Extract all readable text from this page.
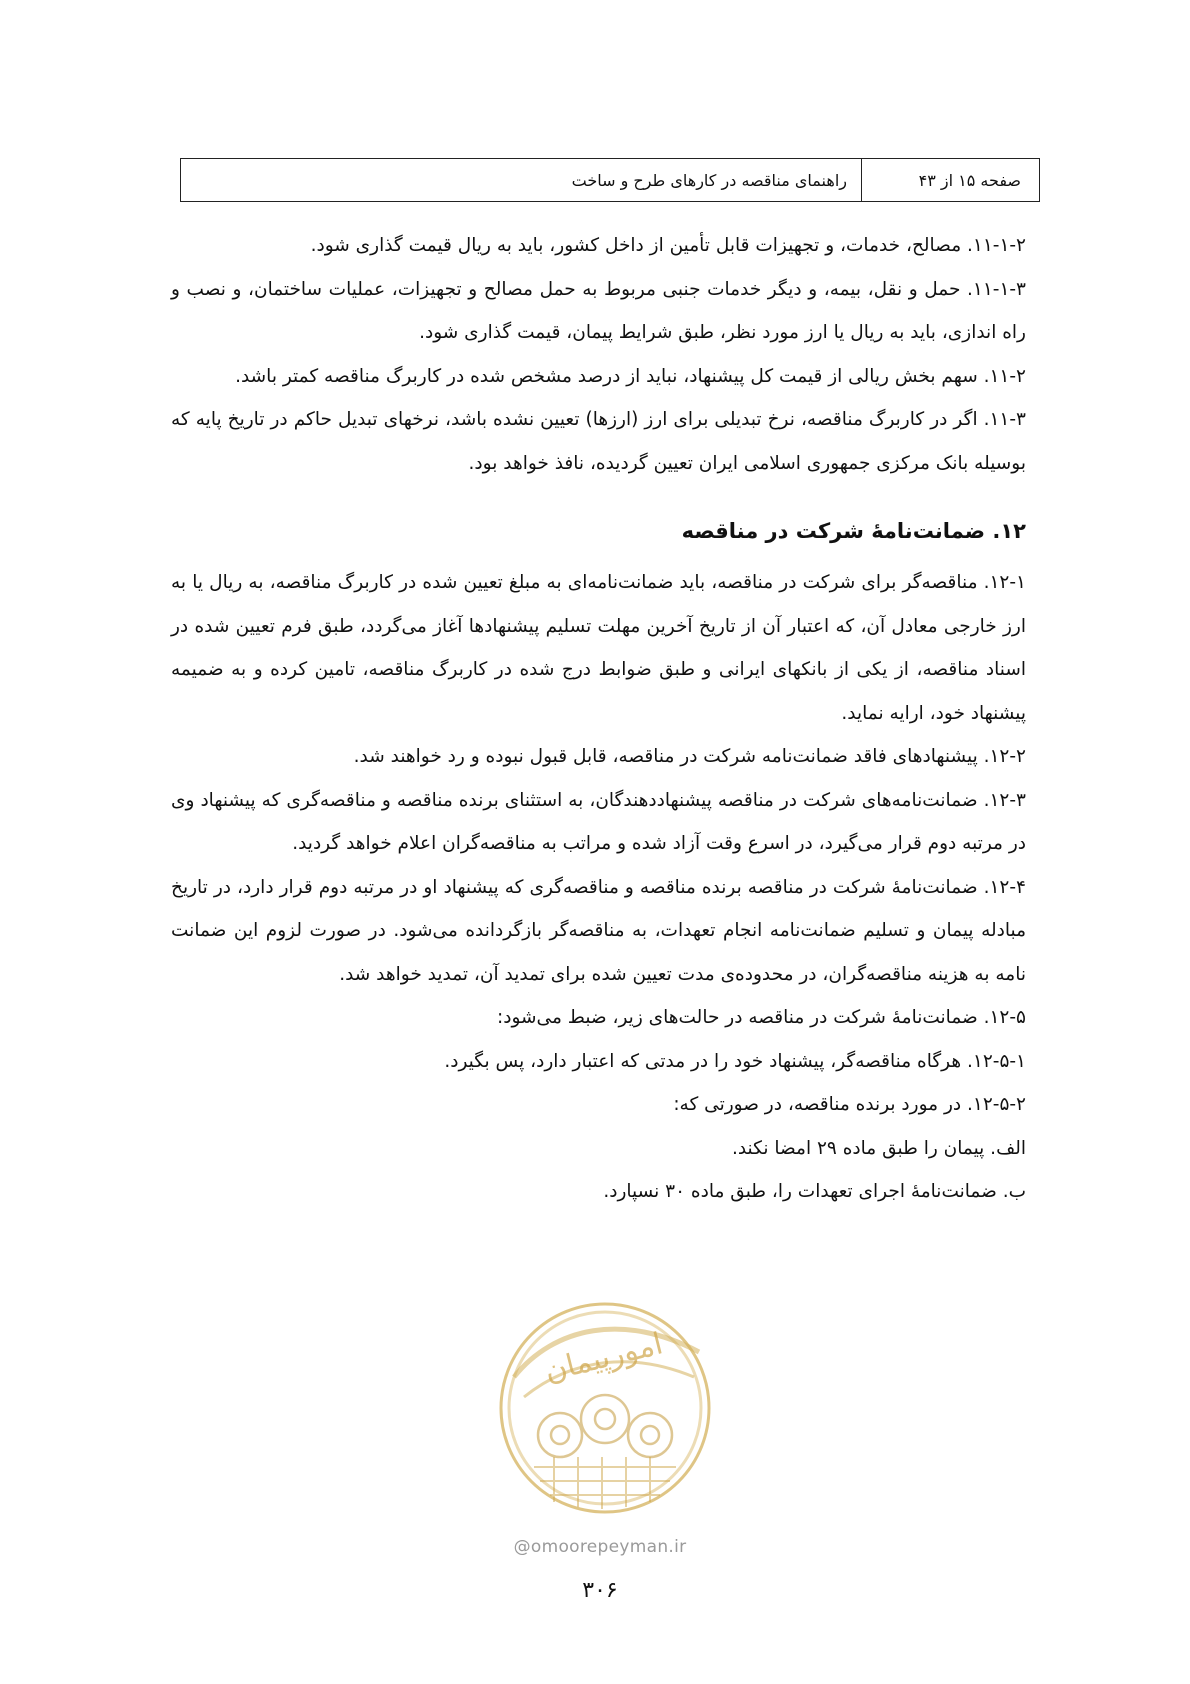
صفحه ۱۵ از ۴۳
راهنمای مناقصه در کارهای طرح و ساخت

۱۱-۱-۲. مصالح، خدمات، و تجهیزات قابل تأمین از داخل کشور، باید به ریال قیمت گذاری شود.

۱۱-۱-۳. حمل و نقل، بیمه، و دیگر خدمات جنبی مربوط به حمل مصالح و تجهیزات، عملیات ساختمان، و نصب و راه اندازی، باید به ریال یا ارز مورد نظر، طبق شرایط پیمان، قیمت گذاری شود.

۱۱-۲. سهم بخش ریالی از قیمت کل پیشنهاد، نباید از درصد مشخص شده در کاربرگ مناقصه کمتر باشد.

۱۱-۳. اگر در کاربرگ مناقصه، نرخ تبدیلی برای ارز (ارزها) تعیین نشده باشد، نرخهای تبدیل حاکم در تاریخ پایه که بوسیله بانک مرکزی جمهوری اسلامی ایران تعیین گردیده، نافذ خواهد بود.

۱۲. ضمانت‌نامۀ شرکت در مناقصه

۱۲-۱. مناقصه‌گر برای شرکت در مناقصه، باید ضمانت‌نامه‌ای به مبلغ تعیین شده در کاربرگ مناقصه، به ریال یا به ارز خارجی معادل آن، که اعتبار آن از تاریخ آخرین مهلت تسلیم پیشنهادها آغاز می‌گردد، طبق فرم تعیین شده در اسناد مناقصه، از یکی از بانکهای ایرانی و طبق ضوابط درج شده در کاربرگ مناقصه، تامین کرده و به ضمیمه پیشنهاد خود، ارایه نماید.

۱۲-۲. پیشنهادهای فاقد ضمانت‌نامه شرکت در مناقصه، قابل قبول نبوده و رد خواهند شد.

۱۲-۳. ضمانت‌نامه‌های شرکت در مناقصه پیشنهاددهندگان، به استثنای برنده مناقصه و مناقصه‌گری که پیشنهاد وی در مرتبه دوم قرار می‌گیرد، در اسرع وقت آزاد شده و مراتب به مناقصه‌گران اعلام خواهد گردید.

۱۲-۴. ضمانت‌نامۀ شرکت در مناقصه برنده مناقصه و مناقصه‌گری که پیشنهاد او در مرتبه دوم قرار دارد، در تاریخ مبادله پیمان و تسلیم ضمانت‌نامه انجام تعهدات، به مناقصه‌گر بازگردانده می‌شود. در صورت لزوم این ضمانت نامه به هزینه مناقصه‌گران، در محدوده‌ی مدت تعیین شده برای تمدید آن، تمدید خواهد شد.

۱۲-۵. ضمانت‌نامۀ شرکت در مناقصه در حالت‌های زیر، ضبط می‌شود:

۱۲-۵-۱. هرگاه مناقصه‌گر، پیشنهاد خود را در مدتی که اعتبار دارد، پس بگیرد.

۱۲-۵-۲. در مورد برنده مناقصه، در صورتی که:

الف. پیمان را طبق ماده ۲۹ امضا نکند.

ب. ضمانت‌نامۀ اجرای تعهدات را، طبق ماده ۳۰ نسپارد.

امورپیمان
@omoorepeyman.ir
۳۰۶
